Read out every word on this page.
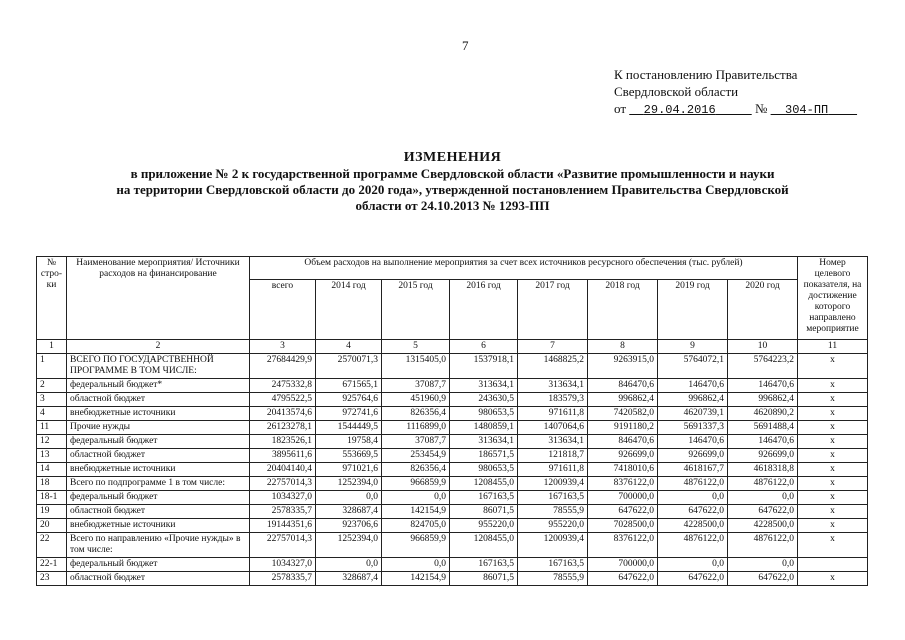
7
К постановлению Правительства
Свердловской области
от 29.04.2016	№ 304-ПП
ИЗМЕНЕНИЯ
в приложение № 2 к государственной программе Свердловской области «Развитие промышленности и науки
на территории Свердловской области до 2020 года», утвержденной постановлением Правительства Свердловской
области от 24.10.2013 № 1293-ПП
№ стро-ки	Наименование мероприятия/ Источники расходов на финансирование	Объем расходов на выполнение мероприятия за счет всех источников ресурсного обеспечения (тыс. рублей)								Номер целевого показателя, на достижение которого направлено мероприятие
		всего	2014 год	2015 год	2016 год	2017 год	2018 год	2019 год	2020 год	
1	2	3	4	5	6	7	8	9	10	11
1	ВСЕГО ПО ГОСУДАРСТВЕННОЙ ПРОГРАММЕ В ТОМ ЧИСЛЕ:	27684429,9	2570071,3	1315405,0	1537918,1	1468825,2	9263915,0	5764072,1	5764223,2	х
2	федеральный бюджет*	2475332,8	671565,1	37087,7	313634,1	313634,1	846470,6	146470,6	146470,6	х
3	областной бюджет	4795522,5	925764,6	451960,9	243630,5	183579,3	996862,4	996862,4	996862,4	х
4	внебюджетные источники	20413574,6	972741,6	826356,4	980653,5	971611,8	7420582,0	4620739,1	4620890,2	х
11	Прочие нужды	26123278,1	1544449,5	1116899,0	1480859,1	1407064,6	9191180,2	5691337,3	5691488,4	х
12	федеральный бюджет	1823526,1	19758,4	37087,7	313634,1	313634,1	846470,6	146470,6	146470,6	х
13	областной бюджет	3895611,6	553669,5	253454,9	186571,5	121818,7	926699,0	926699,0	926699,0	х
14	внебюджетные источники	20404140,4	971021,6	826356,4	980653,5	971611,8	7418010,6	4618167,7	4618318,8	х
18	Всего по подпрограмме 1 в том числе:	22757014,3	1252394,0	966859,9	1208455,0	1200939,4	8376122,0	4876122,0	4876122,0	х
18-1	федеральный бюджет	1034327,0	0,0	0,0	167163,5	167163,5	700000,0	0,0	0,0	х
19	областной бюджет	2578335,7	328687,4	142154,9	86071,5	78555,9	647622,0	647622,0	647622,0	х
20	внебюджетные источники	19144351,6	923706,6	824705,0	955220,0	955220,0	7028500,0	4228500,0	4228500,0	х
22	Всего по направлению «Прочие нужды» в том числе:	22757014,3	1252394,0	966859,9	1208455,0	1200939,4	8376122,0	4876122,0	4876122,0	х
22-1	федеральный бюджет	1034327,0	0,0	0,0	167163,5	167163,5	700000,0	0,0	0,0	
23	областной бюджет	2578335,7	328687,4	142154,9	86071,5	78555,9	647622,0	647622,0	647622,0	х
